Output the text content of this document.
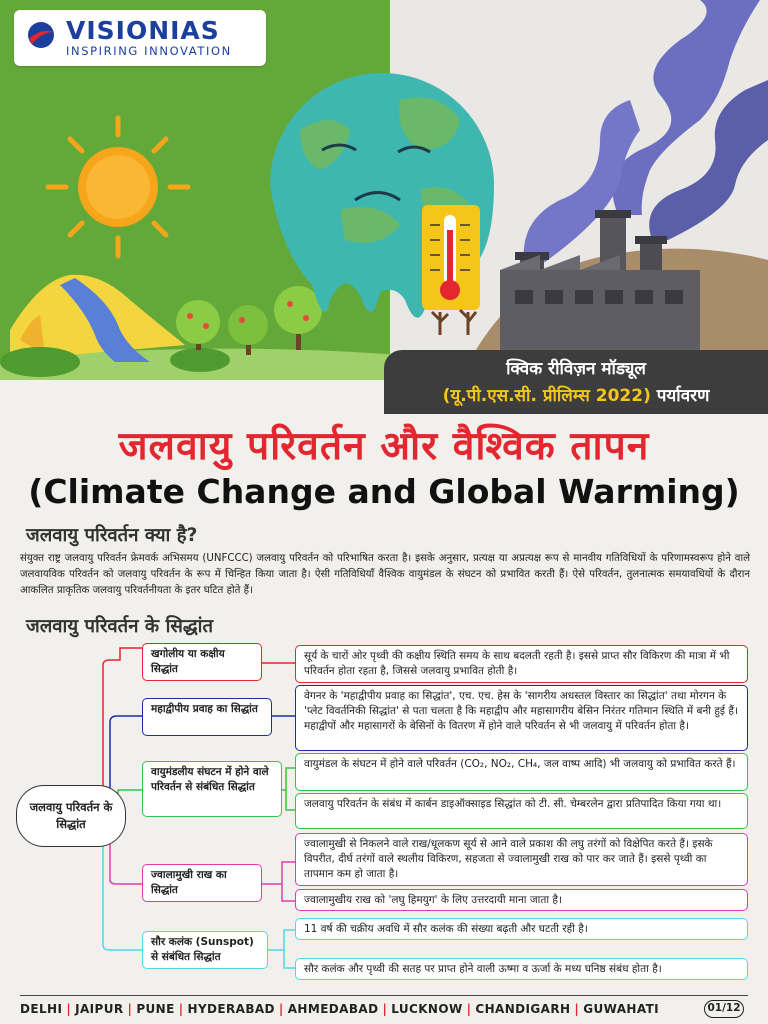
VISIONIAS
INSPIRING INNOVATION
क्विक रीविज़न मॉड्यूल
(यू.पी.एस.सी. प्रीलिम्स 2022) पर्यावरण
जलवायु परिवर्तन और वैश्विक तापन
(Climate Change and Global Warming)
जलवायु परिवर्तन क्या है?

संयुक्त राष्ट्र जलवायु परिवर्तन फ्रेमवर्क अभिसमय (UNFCCC) जलवायु परिवर्तन को परिभाषित करता है। इसके अनुसार, प्रत्यक्ष या अप्रत्यक्ष रूप से मानवीय गतिविधियों के परिणामस्वरूप होने वाले जलवायविक परिवर्तन को जलवायु परिवर्तन के रूप में चिन्हित किया जाता है। ऐसी गतिविधियाँ वैश्विक वायुमंडल के संघटन को प्रभावित करती हैं। ऐसे परिवर्तन, तुलनात्मक समयावधियों के दौरान आकलित प्राकृतिक जलवायु परिवर्तनीयता के इतर घटित होते हैं।

जलवायु परिवर्तन के सिद्धांत
जलवायु परिवर्तन के सिद्धांत
खगोलीय या कक्षीय सिद्धांत
महाद्वीपीय प्रवाह का सिद्धांत
वायुमंडलीय संघटन में होने वाले परिवर्तन से संबंधित सिद्धांत
ज्वालामुखी राख का सिद्धांत
सौर कलंक (Sunspot) से संबंधित सिद्धांत
सूर्य के चारों ओर पृथ्वी की कक्षीय स्थिति समय के साथ बदलती रहती है। इससे प्राप्त सौर विकिरण की मात्रा में भी परिवर्तन होता रहता है, जिससे जलवायु प्रभावित होती है।
वेगनर के 'महाद्वीपीय प्रवाह का सिद्धांत', एच. एच. हेस के 'सागरीय अधस्तल विस्तार का सिद्धांत' तथा मोरगन के 'प्लेट विवर्तनिकी सिद्धांत' से पता चलता है कि महाद्वीप और महासागरीय बेसिन निरंतर गतिमान स्थिति में बनी हुई हैं। महाद्वीपों और महासागरों के बेसिनों के वितरण में होने वाले परिवर्तन से भी जलवायु में परिवर्तन होता है।
वायुमंडल के संघटन में होने वाले परिवर्तन (CO₂, NO₂, CH₄, जल वाष्प आदि) भी जलवायु को प्रभावित करते हैं।
जलवायु परिवर्तन के संबंध में कार्बन डाइऑक्साइड सिद्धांत को टी. सी. चेम्बरलेन द्वारा प्रतिपादित किया गया था।
ज्वालामुखी से निकलने वाले राख/धूलकण सूर्य से आने वाले प्रकाश की लघु तरंगों को विक्षेपित करते हैं। इसके विपरीत, दीर्घ तरंगों वाले स्थलीय विकिरण, सहजता से ज्वालामुखी राख को पार कर जाते हैं। इससे पृथ्वी का तापमान कम हो जाता है।
ज्वालामुखीय राख को 'लघु हिमयुग' के लिए उत्तरदायी माना जाता है।
11 वर्ष की चक्रीय अवधि में सौर कलंक की संख्या बढ़ती और घटती रही है।
सौर कलंक और पृथ्वी की सतह पर प्राप्त होने वाली ऊष्मा व ऊर्जा के मध्य घनिष्ठ संबंध होता है।
DELHI | JAIPUR | PUNE | HYDERABAD | AHMEDABAD | LUCKNOW | CHANDIGARH | GUWAHATI	01/12
